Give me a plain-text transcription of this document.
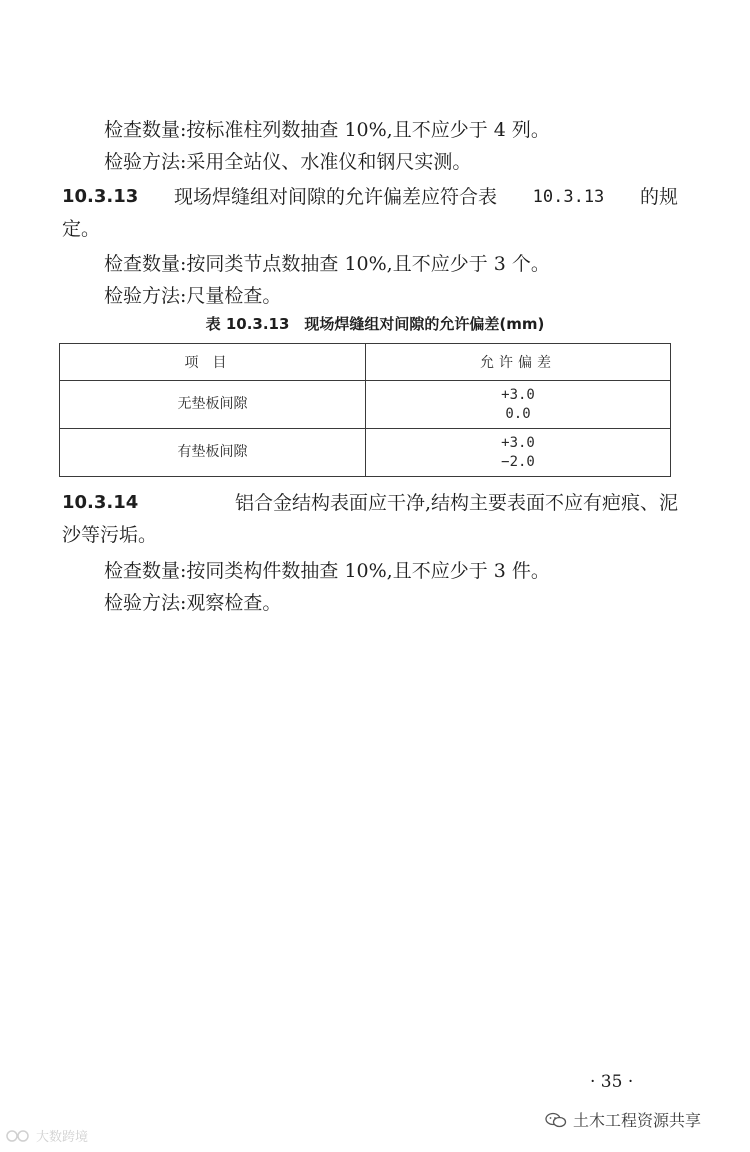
检查数量:按标准柱列数抽查 10%,且不应少于 4 列。
检验方法:采用全站仪、水准仪和钢尺实测。
10.3.13 现场焊缝组对间隙的允许偏差应符合表 10.3.13 的规
定。
检查数量:按同类节点数抽查 10%,且不应少于 3 个。
检验方法:尺量检查。
表 10.3.13　现场焊缝组对间隙的允许偏差(mm)
项目	允许偏差
无垫板间隙	+3.0
0.0

有垫板间隙	+3.0
−2.0
10.3.14	铝合金结构表面应干净,结构主要表面不应有疤痕、泥
沙等污垢。
检查数量:按同类构件数抽查 10%,且不应少于 3 件。
检验方法:观察检查。
· 35 ·
土木工程资源共享
大数跨境
